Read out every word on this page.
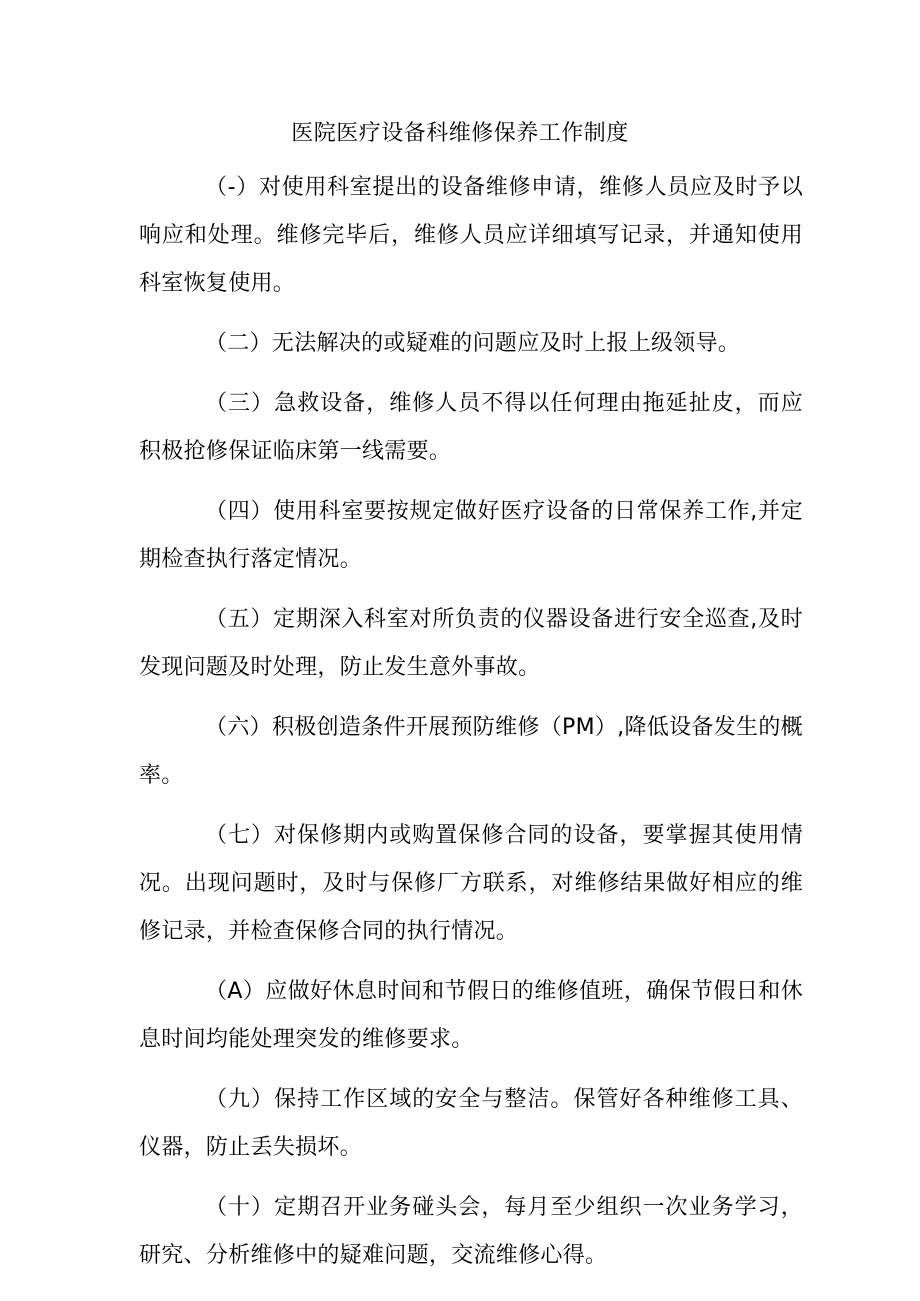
医院医疗设备科维修保养工作制度

（-）对使用科室提出的设备维修申请，维修人员应及时予以响应和处理。维修完毕后，维修人员应详细填写记录，并通知使用科室恢复使用。

（二）无法解决的或疑难的问题应及时上报上级领导。

（三）急救设备，维修人员不得以任何理由拖延扯皮，而应积极抢修保证临床第一线需要。

（四）使用科室要按规定做好医疗设备的日常保养工作,并定期检查执行落定情况。

（五）定期深入科室对所负责的仪器设备进行安全巡查,及时发现问题及时处理，防止发生意外事故。

（六）积极创造条件开展预防维修（PM）,降低设备发生的概率。

（七）对保修期内或购置保修合同的设备，要掌握其使用情况。出现问题时，及时与保修厂方联系，对维修结果做好相应的维修记录，并检查保修合同的执行情况。

（A）应做好休息时间和节假日的维修值班，确保节假日和休息时间均能处理突发的维修要求。

（九）保持工作区域的安全与整洁。保管好各种维修工具、仪器，防止丢失损坏。

（十）定期召开业务碰头会，每月至少组织一次业务学习，研究、分析维修中的疑难问题，交流维修心得。
